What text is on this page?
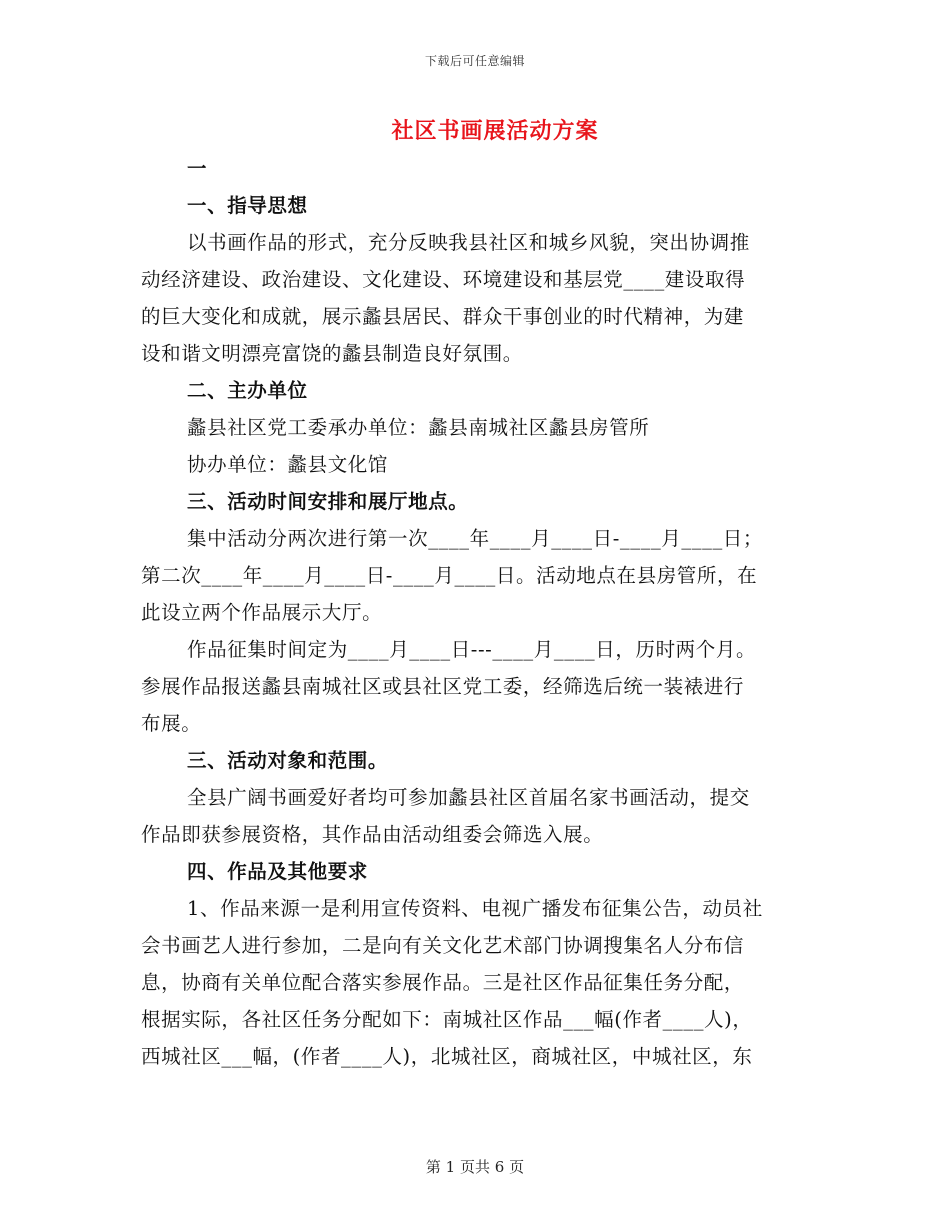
下载后可任意编辑
社区书画展活动方案
一
一、指导思想
以书画作品的形式，充分反映我县社区和城乡风貌，突出协调推
动经济建设、政治建设、文化建设、环境建设和基层党____建设取得
的巨大变化和成就，展示蠡县居民、群众干事创业的时代精神，为建
设和谐文明漂亮富饶的蠡县制造良好氛围。
二、主办单位
蠡县社区党工委承办单位：蠡县南城社区蠡县房管所
协办单位：蠡县文化馆
三、活动时间安排和展厅地点。
集中活动分两次进行第一次____年____月____日-____月____日；
第二次____年____月____日-____月____日。活动地点在县房管所，在
此设立两个作品展示大厅。
作品征集时间定为____月____日---____月____日，历时两个月。
参展作品报送蠡县南城社区或县社区党工委，经筛选后统一装裱进行
布展。
三、活动对象和范围。
全县广阔书画爱好者均可参加蠡县社区首届名家书画活动，提交
作品即获参展资格，其作品由活动组委会筛选入展。
四、作品及其他要求
1、作品来源一是利用宣传资料、电视广播发布征集公告，动员社
会书画艺人进行参加，二是向有关文化艺术部门协调搜集名人分布信
息，协商有关单位配合落实参展作品。三是社区作品征集任务分配，
根据实际，各社区任务分配如下：南城社区作品___幅(作者____人)，
西城社区___幅，(作者____人)，北城社区，商城社区，中城社区，东
第 1 页共 6 页
